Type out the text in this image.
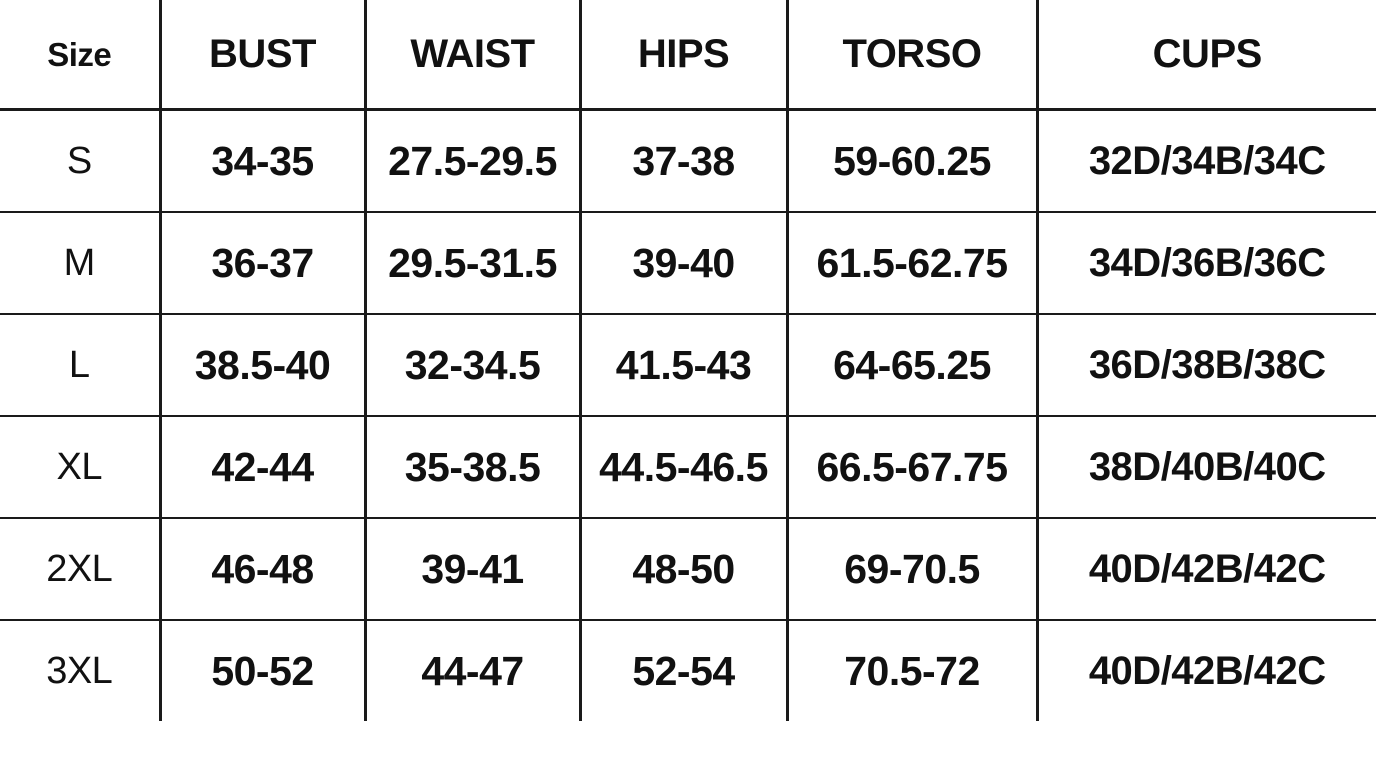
Size	BUST	WAIST	HIPS	TORSO	CUPS
S	34-35	27.5-29.5	37-38	59-60.25	32D/34B/34C
M	36-37	29.5-31.5	39-40	61.5-62.75	34D/36B/36C
L	38.5-40	32-34.5	41.5-43	64-65.25	36D/38B/38C
XL	42-44	35-38.5	44.5-46.5	66.5-67.75	38D/40B/40C
2XL	46-48	39-41	48-50	69-70.5	40D/42B/42C
3XL	50-52	44-47	52-54	70.5-72	40D/42B/42C
